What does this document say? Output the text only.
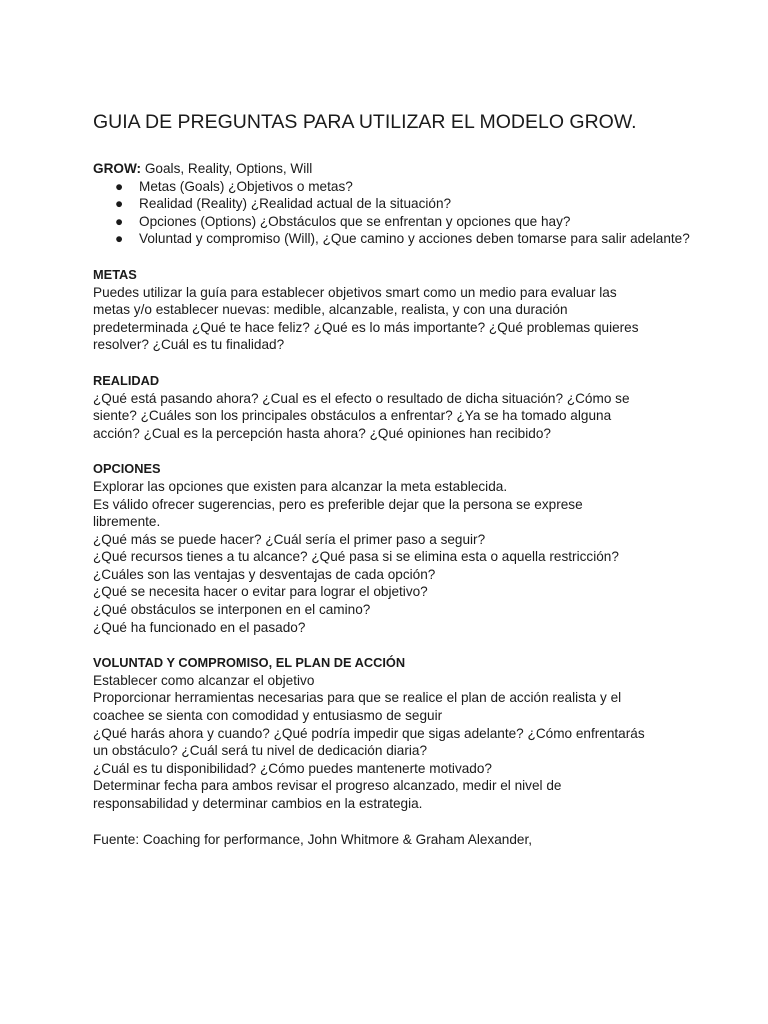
GUIA DE PREGUNTAS PARA UTILIZAR EL MODELO GROW.

GROW: Goals, Reality, Options, Will

● Metas (Goals) ¿Objetivos o metas?
● Realidad (Reality) ¿Realidad actual de la situación?
● Opciones (Options) ¿Obstáculos que se enfrentan y opciones que hay?
● Voluntad y compromiso (Will), ¿Que camino y acciones deben tomarse para salir adelante?

METAS

Puedes utilizar la guía para establecer objetivos smart como un medio para evaluar las

metas y/o establecer nuevas: medible, alcanzable, realista, y con una duración

predeterminada ¿Qué te hace feliz? ¿Qué es lo más importante? ¿Qué problemas quieres

resolver? ¿Cuál es tu finalidad?

REALIDAD

¿Qué está pasando ahora? ¿Cual es el efecto o resultado de dicha situación? ¿Cómo se

siente? ¿Cuáles son los principales obstáculos a enfrentar? ¿Ya se ha tomado alguna

acción? ¿Cual es la percepción hasta ahora? ¿Qué opiniones han recibido?

OPCIONES

Explorar las opciones que existen para alcanzar la meta establecida.

Es válido ofrecer sugerencias, pero es preferible dejar que la persona se exprese

libremente.

¿Qué más se puede hacer? ¿Cuál sería el primer paso a seguir?

¿Qué recursos tienes a tu alcance? ¿Qué pasa si se elimina esta o aquella restricción?

¿Cuáles son las ventajas y desventajas de cada opción?

¿Qué se necesita hacer o evitar para lograr el objetivo?

¿Qué obstáculos se interponen en el camino?

¿Qué ha funcionado en el pasado?

VOLUNTAD Y COMPROMISO, EL PLAN DE ACCIÓN

Establecer como alcanzar el objetivo

Proporcionar herramientas necesarias para que se realice el plan de acción realista y el

coachee se sienta con comodidad y entusiasmo de seguir

¿Qué harás ahora y cuando? ¿Qué podría impedir que sigas adelante? ¿Cómo enfrentarás

un obstáculo? ¿Cuál será tu nivel de dedicación diaria?

¿Cuál es tu disponibilidad? ¿Cómo puedes mantenerte motivado?

Determinar fecha para ambos revisar el progreso alcanzado, medir el nivel de

responsabilidad y determinar cambios en la estrategia.

Fuente: Coaching for performance, John Whitmore & Graham Alexander,
